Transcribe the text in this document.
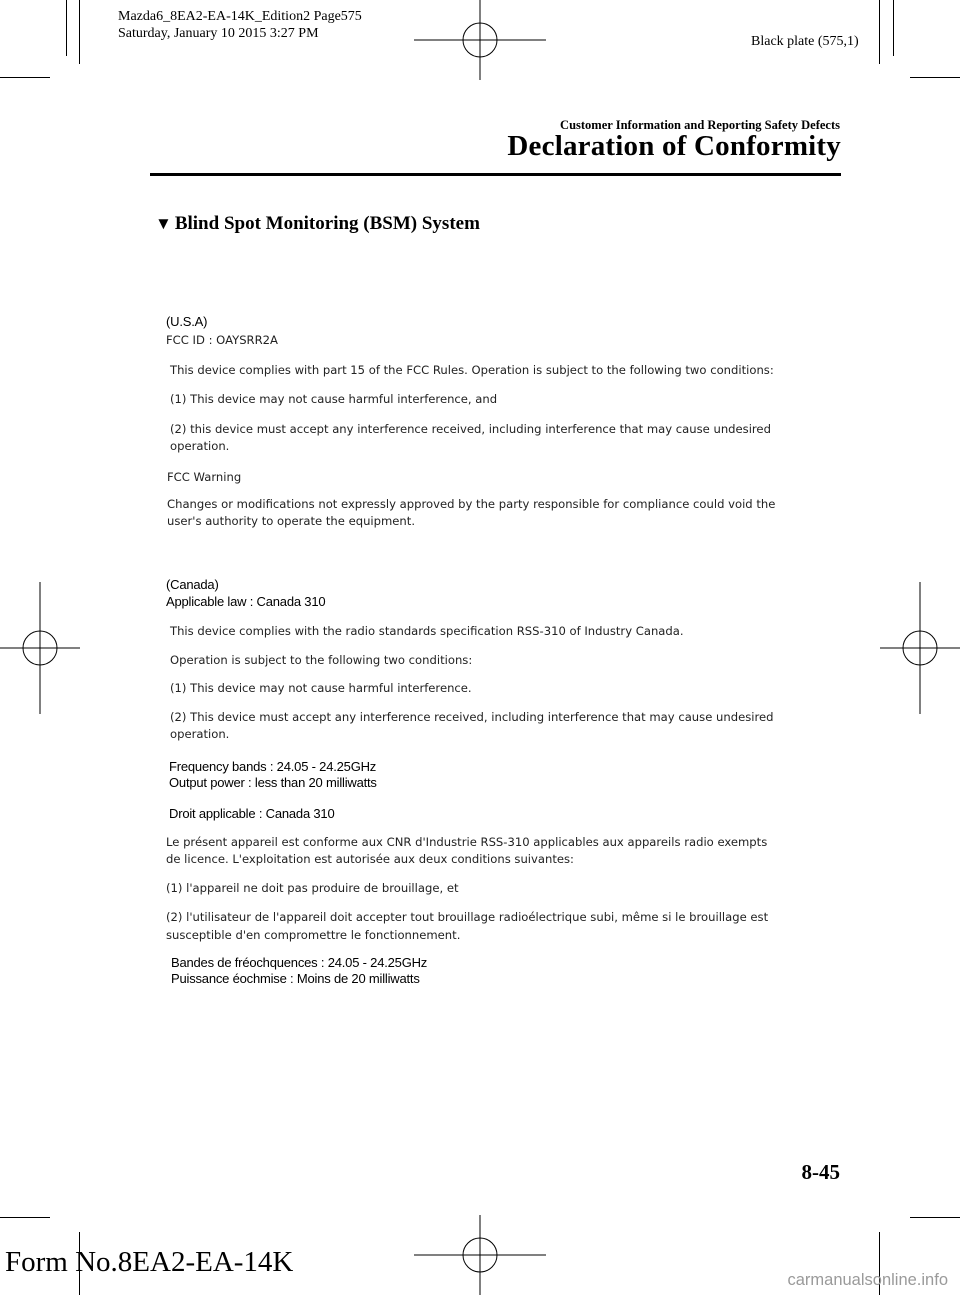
Mazda6_8EA2-EA-14K_Edition2 Page575
Saturday, January 10 2015 3:27 PM
Black plate (575,1)
Customer Information and Reporting Safety Defects
Declaration of Conformity
▼ Blind Spot Monitoring (BSM) System
(U.S.A)
FCC ID : OAYSRR2A
This device complies with part 15 of the FCC Rules. Operation is subject to the following two conditions:
(1) This device may not cause harmful interference, and
(2) this device must accept any interference received, including interference that may cause undesired
operation.
FCC Warning
Changes or modifications not expressly approved by the party responsible for compliance could void the
user's authority to operate the equipment.
(Canada)
Applicable law : Canada 310
This device complies with the radio standards specification RSS-310 of Industry Canada.
Operation is subject to the following two conditions:
(1) This device may not cause harmful interference.
(2) This device must accept any interference received, including interference that may cause undesired
operation.
Frequency bands : 24.05 - 24.25GHz
Output power : less than 20 milliwatts
Droit applicable : Canada 310
Le présent appareil est conforme aux CNR d'Industrie RSS-310 applicables aux appareils radio exempts
de licence. L'exploitation est autorisée aux deux conditions suivantes:
(1) l'appareil ne doit pas produire de brouillage, et
(2) l'utilisateur de l'appareil doit accepter tout brouillage radioélectrique subi, même si le brouillage est
susceptible d'en compromettre le fonctionnement.
Bandes de fréochquences : 24.05 - 24.25GHz
Puissance éochmise : Moins de 20 milliwatts
8-45
Form No.8EA2-EA-14K
carmanualsonline.info
